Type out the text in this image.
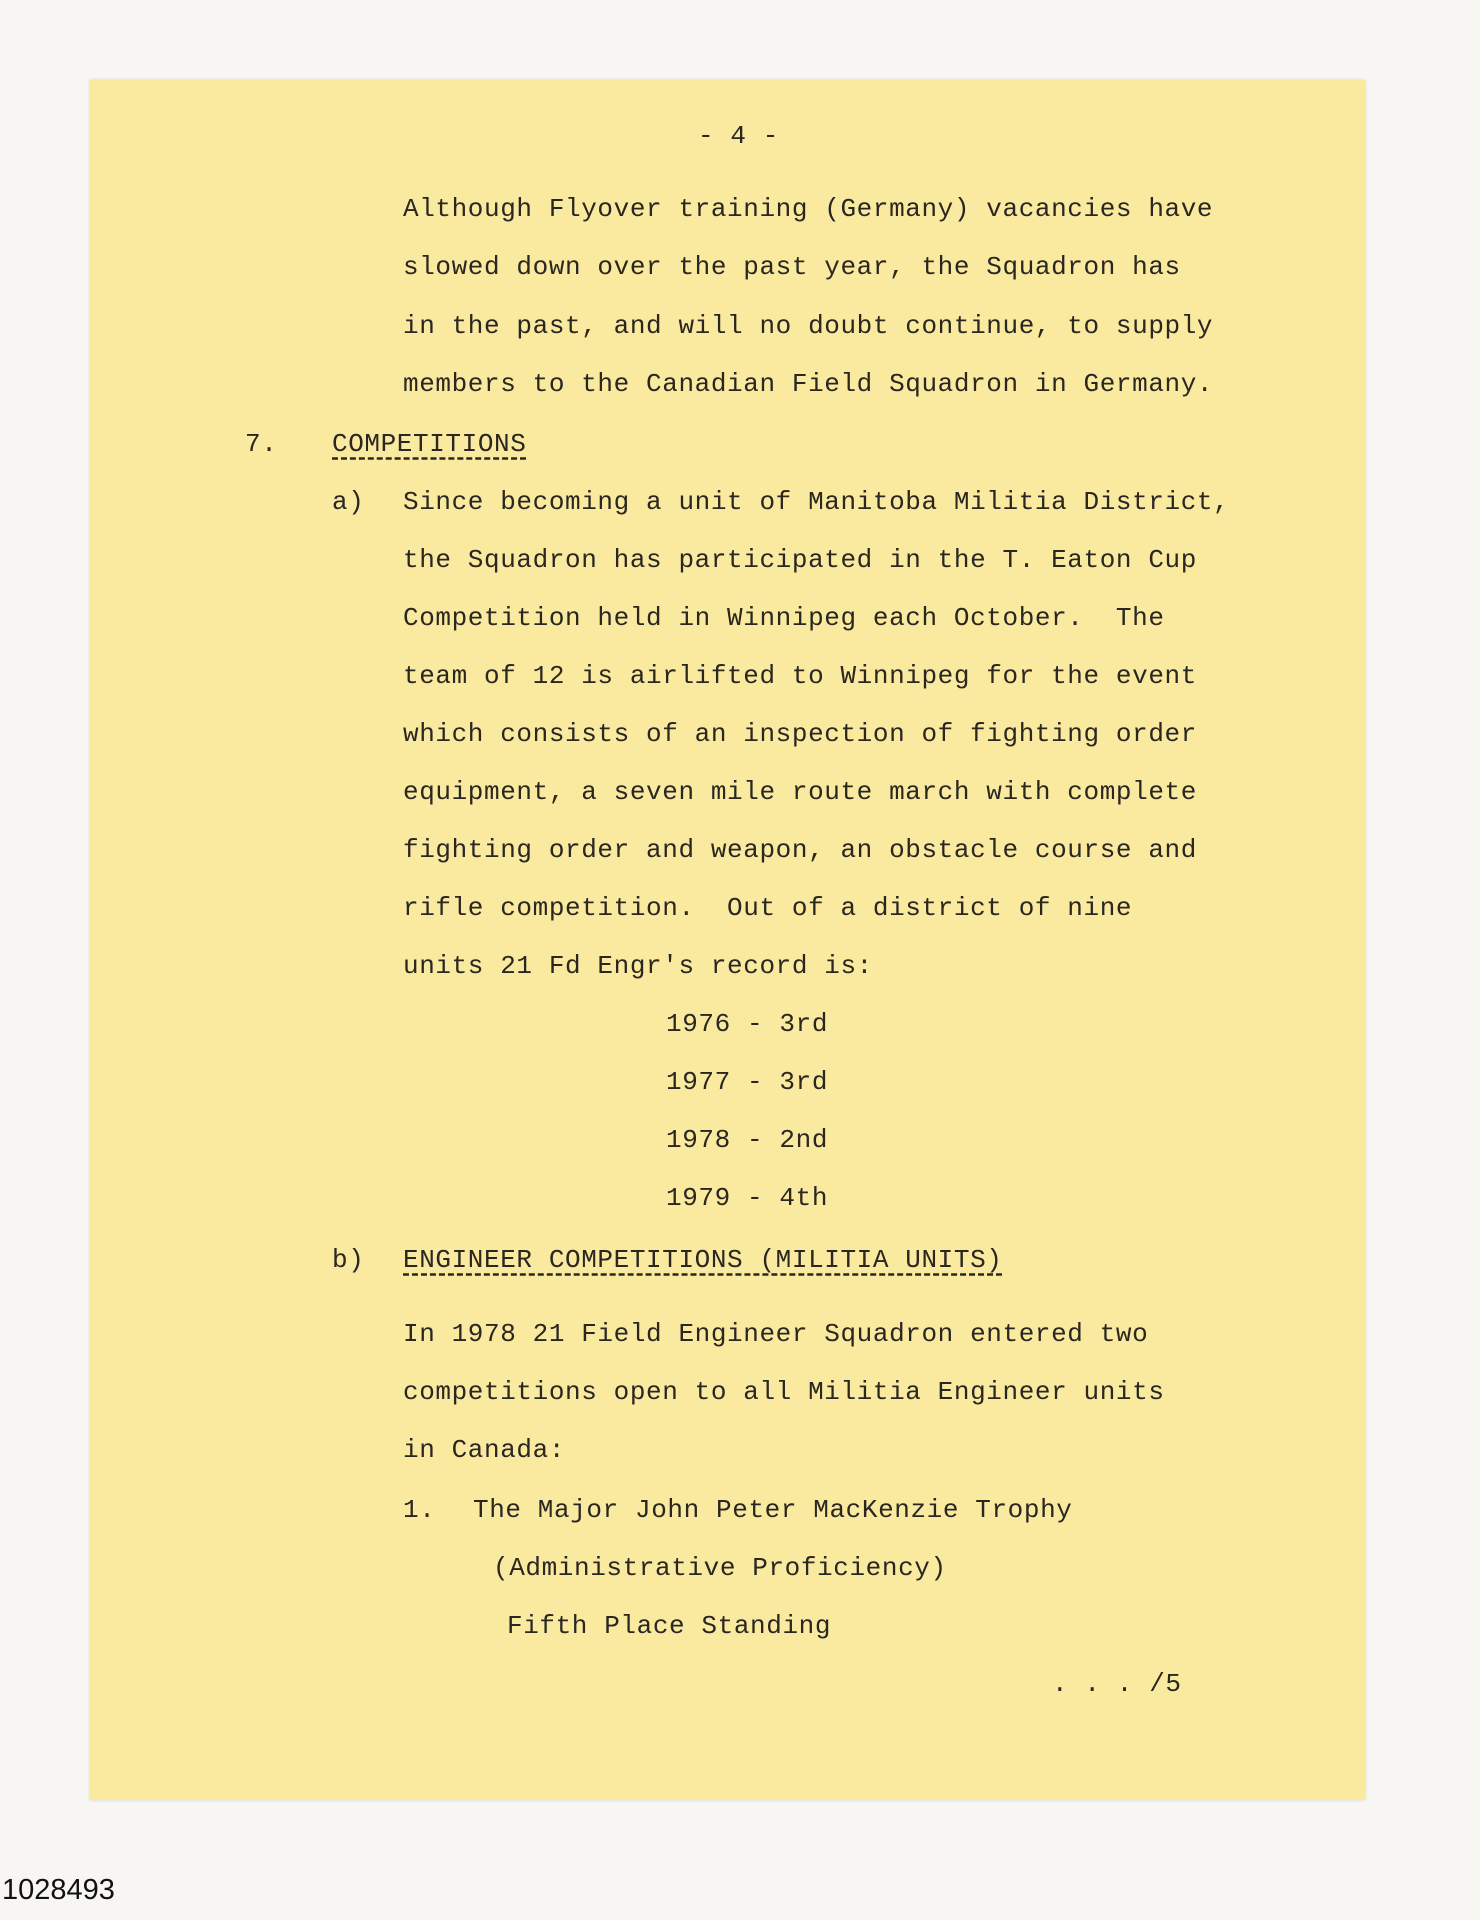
- 4 -
Although Flyover training (Germany) vacancies have
slowed down over the past year, the Squadron has
in the past, and will no doubt continue, to supply
members to the Canadian Field Squadron in Germany.
7. COMPETITIONS
a) Since becoming a unit of Manitoba Militia District,
the Squadron has participated in the T. Eaton Cup
Competition held in Winnipeg each October.  The
team of 12 is airlifted to Winnipeg for the event
which consists of an inspection of fighting order
equipment, a seven mile route march with complete
fighting order and weapon, an obstacle course and
rifle competition.  Out of a district of nine
units 21 Fd Engr's record is:
1976 - 3rd
1977 - 3rd
1978 - 2nd
1979 - 4th
b) ENGINEER COMPETITIONS (MILITIA UNITS)
In 1978 21 Field Engineer Squadron entered two
competitions open to all Militia Engineer units
in Canada:
1. The Major John Peter MacKenzie Trophy
(Administrative Proficiency)
Fifth Place Standing
. . . /5
1028493
